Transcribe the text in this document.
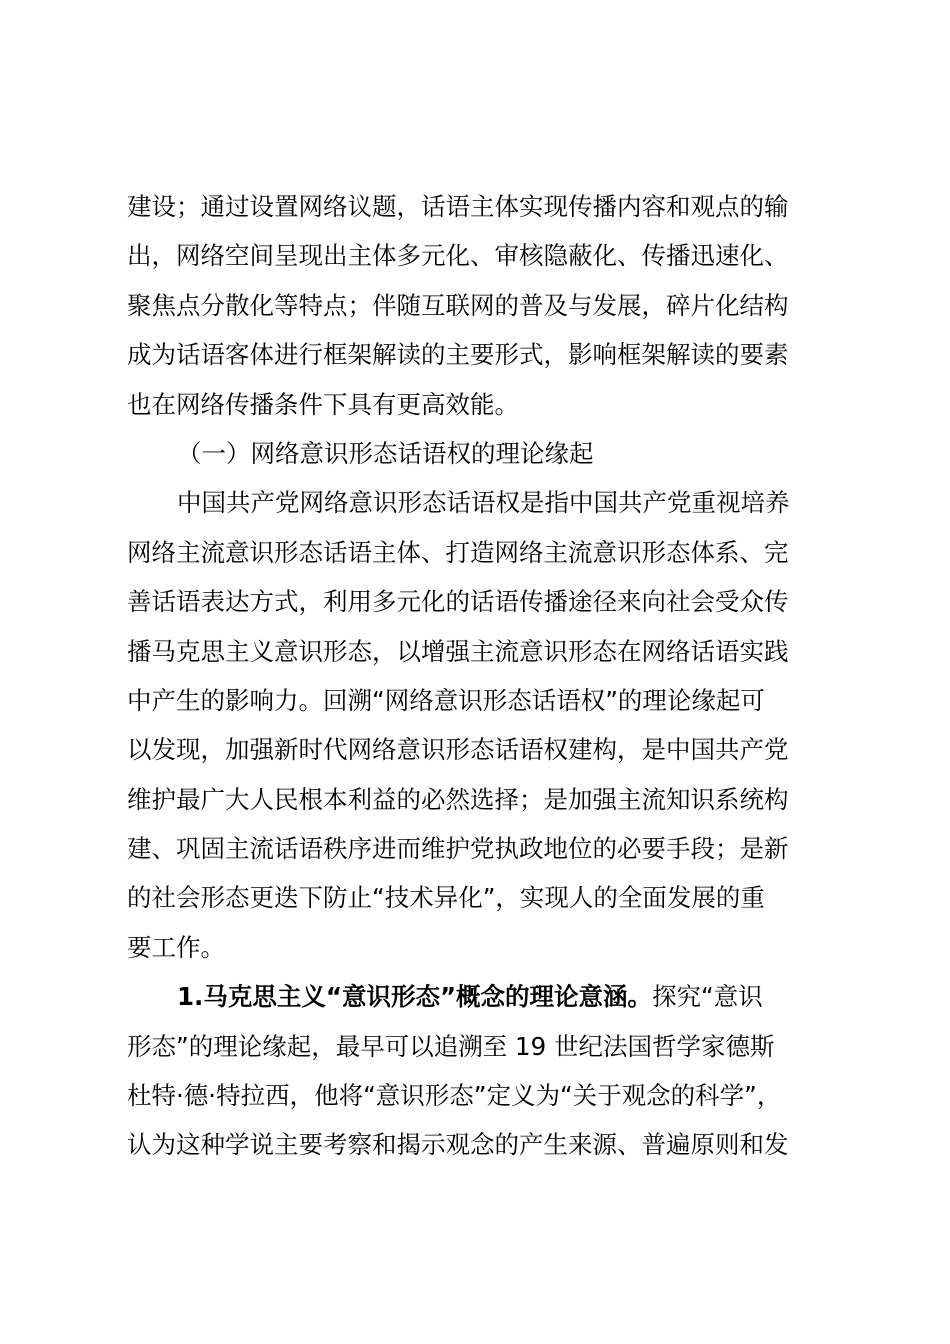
建设；通过设置网络议题，话语主体实现传播内容和观点的输
出，网络空间呈现出主体多元化、审核隐蔽化、传播迅速化、
聚焦点分散化等特点；伴随互联网的普及与发展，碎片化结构
成为话语客体进行框架解读的主要形式，影响框架解读的要素
也在网络传播条件下具有更高效能。
（一）网络意识形态话语权的理论缘起
中国共产党网络意识形态话语权是指中国共产党重视培养
网络主流意识形态话语主体、打造网络主流意识形态体系、完
善话语表达方式，利用多元化的话语传播途径来向社会受众传
播马克思主义意识形态，以增强主流意识形态在网络话语实践
中产生的影响力。回溯“网络意识形态话语权”的理论缘起可
以发现，加强新时代网络意识形态话语权建构，是中国共产党
维护最广大人民根本利益的必然选择；是加强主流知识系统构
建、巩固主流话语秩序进而维护党执政地位的必要手段；是新
的社会形态更迭下防止“技术异化”，实现人的全面发展的重
要工作。
1.马克思主义“意识形态”概念的理论意涵。探究“意识
形态”的理论缘起，最早可以追溯至 19 世纪法国哲学家德斯
杜特·德·特拉西，他将“意识形态”定义为“关于观念的科学”，
认为这种学说主要考察和揭示观念的产生来源、普遍原则和发
